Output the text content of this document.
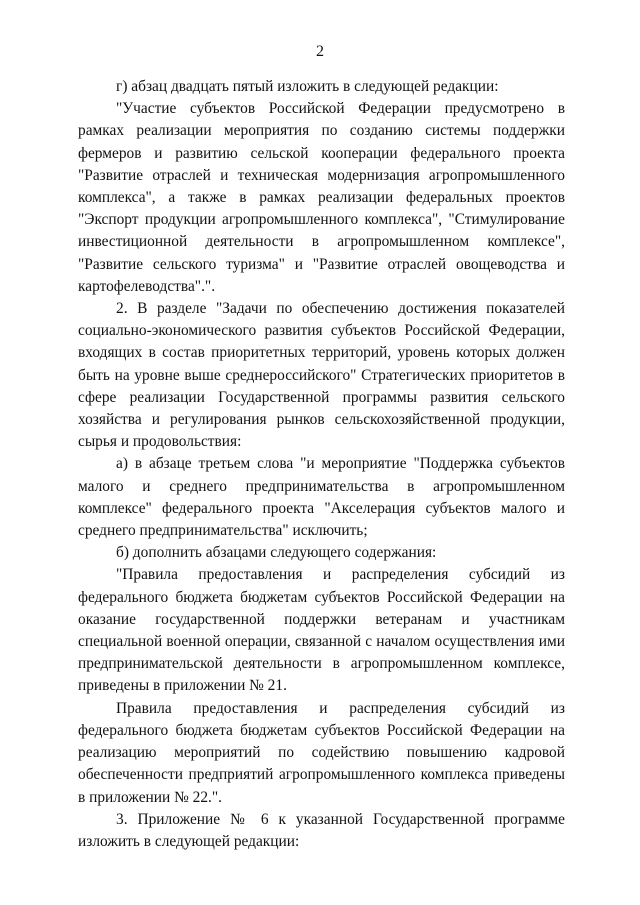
2

г) абзац двадцать пятый изложить в следующей редакции:

"Участие субъектов Российской Федерации предусмотрено в рамках реализации мероприятия по созданию системы поддержки фермеров и развитию сельской кооперации федерального проекта "Развитие отраслей и техническая модернизация агропромышленного комплекса", а также в рамках реализации федеральных проектов "Экспорт продукции агропромышленного комплекса", "Стимулирование инвестиционной деятельности в агропромышленном комплексе", "Развитие сельского туризма" и "Развитие отраслей овощеводства и картофелеводства".".

2. В разделе "Задачи по обеспечению достижения показателей социально-экономического развития субъектов Российской Федерации, входящих в состав приоритетных территорий, уровень которых должен быть на уровне выше среднероссийского" Стратегических приоритетов в сфере реализации Государственной программы развития сельского хозяйства и регулирования рынков сельскохозяйственной продукции, сырья и продовольствия:

а) в абзаце третьем слова "и мероприятие "Поддержка субъектов малого и среднего предпринимательства в агропромышленном комплексе" федерального проекта "Акселерация субъектов малого и среднего предпринимательства" исключить;

б) дополнить абзацами следующего содержания:

"Правила предоставления и распределения субсидий из федерального бюджета бюджетам субъектов Российской Федерации на оказание государственной поддержки ветеранам и участникам специальной военной операции, связанной с началом осуществления ими предпринимательской деятельности в агропромышленном комплексе, приведены в приложении № 21.

Правила предоставления и распределения субсидий из федерального бюджета бюджетам субъектов Российской Федерации на реализацию мероприятий по содействию повышению кадровой обеспеченности предприятий агропромышленного комплекса приведены в приложении № 22.".

3. Приложение № 6 к указанной Государственной программе изложить в следующей редакции:
